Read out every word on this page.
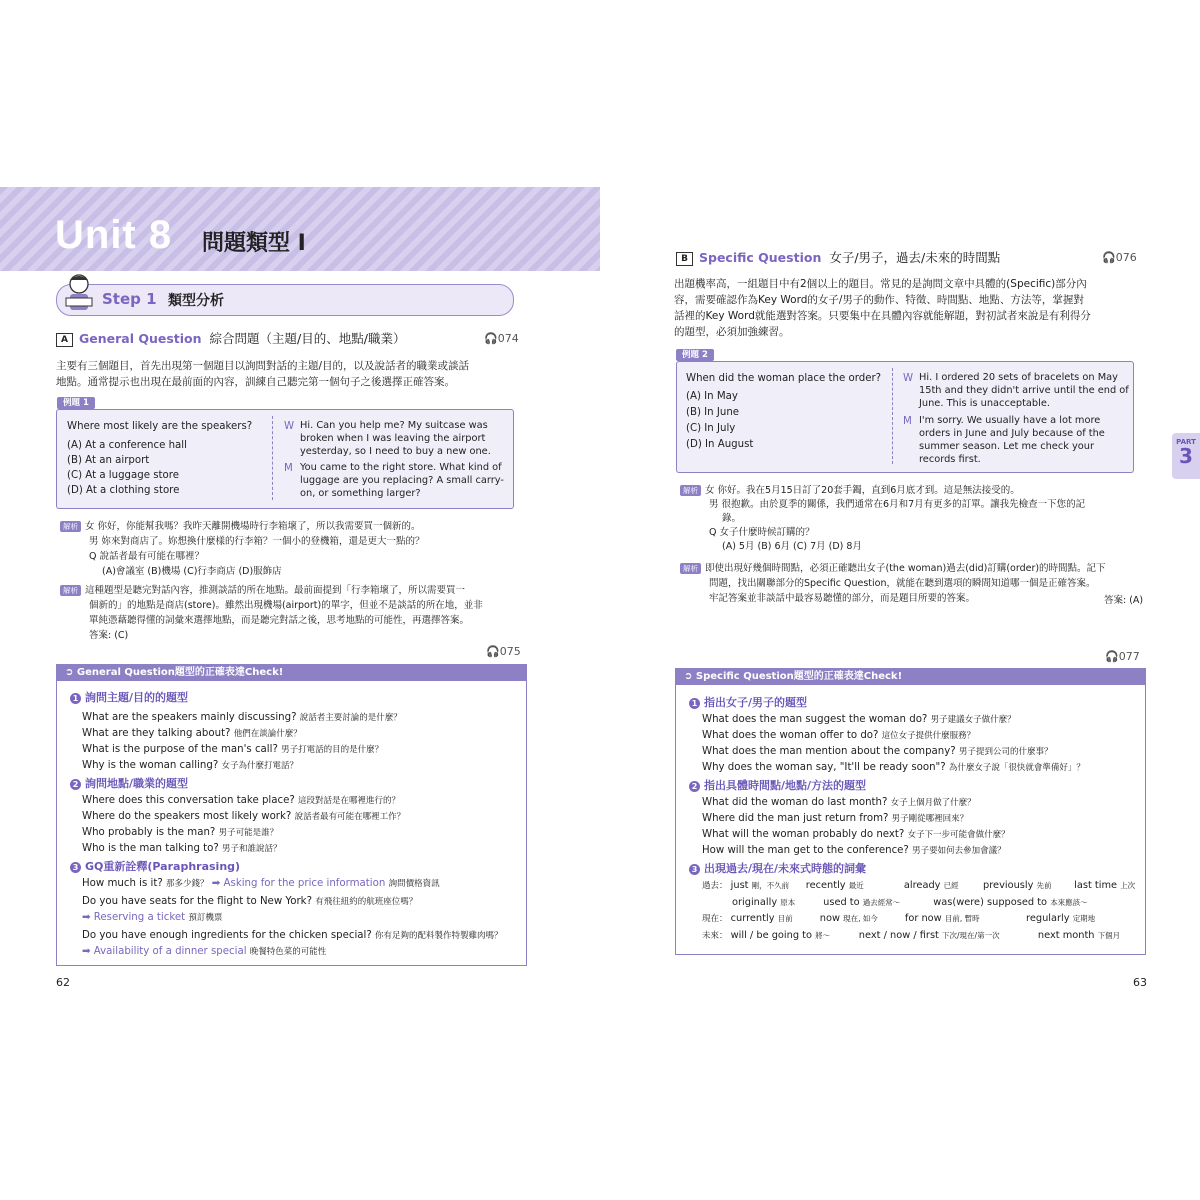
Unit 8 問題類型 I
Step 1 類型分析
A General Question 綜合問題（主題/目的、地點/職業）	🎧074
主要有三個題目，首先出現第一個題目以詢問對話的主題/目的，以及說話者的職業或談話
地點。通常提示也出現在最前面的內容，訓練自己聽完第一個句子之後選擇正確答案。
例題 1
Where most likely are the speakers?
(A) At a conference hall
(B) At an airport
(C) At a luggage store
(D) At a clothing store
W Hi. Can you help me? My suitcase was
broken when I was leaving the airport
yesterday, so I need to buy a new one.
M You came to the right store. What kind of
luggage are you replacing? A small carry-
on, or something larger?
解析 女 你好，你能幫我嗎？我昨天離開機場時行李箱壞了，所以我需要買一個新的。
男 妳來對商店了。妳想換什麼樣的行李箱？一個小的登機箱，還是更大一點的？
Q 說話者最有可能在哪裡？
(A)會議室 (B)機場 (C)行李商店 (D)服飾店
解析 這種題型是聽完對話內容，推測談話的所在地點。最前面提到「行李箱壞了，所以需要買一
個新的」的地點是商店(store)。雖然出現機場(airport)的單字，但並不是談話的所在地，並非
單純憑藉聽得懂的詞彙來選擇地點，而是聽完對話之後，思考地點的可能性，再選擇答案。
答案: (C)
🎧075
➲ General Question題型的正確表達Check!
1 詢問主題/目的的題型
What are the speakers mainly discussing? 說話者主要討論的是什麼？
What are they talking about? 他們在談論什麼？
What is the purpose of the man's call? 男子打電話的目的是什麼？
Why is the woman calling? 女子為什麼打電話？
2 詢問地點/職業的題型
Where does this conversation take place? 這段對話是在哪裡進行的？
Where do the speakers most likely work? 說話者最有可能在哪裡工作？
Who probably is the man? 男子可能是誰？
Who is the man talking to? 男子和誰說話？
3 GQ重新詮釋(Paraphrasing)
How much is it? 那多少錢？ ➡ Asking for the price information 詢問價格資訊
Do you have seats for the flight to New York? 有飛往紐約的航班座位嗎？
➡ Reserving a ticket 預訂機票
Do you have enough ingredients for the chicken special? 你有足夠的配料製作特製雞肉嗎？
➡ Availability of a dinner special 晚餐特色菜的可能性
62
B Specific Question 女子/男子，過去/未來的時間點	🎧076
出題機率高，一組題目中有2個以上的題目。常見的是詢問文章中具體的(Specific)部分內
容，需要確認作為Key Word的女子/男子的動作、特徵、時間點、地點、方法等，掌握對
話裡的Key Word就能選對答案。只要集中在具體內容就能解題，對初試者來說是有利得分
的題型，必須加強練習。
例題 2
When did the woman place the order?
(A) In May
(B) In June
(C) In July
(D) In August
W Hi. I ordered 20 sets of bracelets on May
15th and they didn't arrive until the end of
June. This is unacceptable.
M I'm sorry. We usually have a lot more
orders in June and July because of the
summer season. Let me check your
records first.
解析 女 你好。我在5月15日訂了20套手鐲，直到6月底才到。這是無法接受的。
男 很抱歉。由於夏季的關係，我們通常在6月和7月有更多的訂單。讓我先檢查一下您的記
錄。
Q 女子什麼時候訂購的？
(A) 5月 (B) 6月 (C) 7月 (D) 8月
解析 即使出現好幾個時間點，必須正確聽出女子(the woman)過去(did)訂購(order)的時間點。記下
問題，找出關聯部分的Specific Question，就能在聽到選項的瞬間知道哪一個是正確答案。
牢記答案並非談話中最容易聽懂的部分，而是題目所要的答案。	答案: (A)
🎧077
➲ Specific Question題型的正確表達Check!
1 指出女子/男子的題型
What does the man suggest the woman do? 男子建議女子做什麼？
What does the woman offer to do? 這位女子提供什麼服務？
What does the man mention about the company? 男子提到公司的什麼事？
Why does the woman say, "It'll be ready soon"? 為什麼女子說「很快就會準備好」？
2 指出具體時間點/地點/方法的題型
What did the woman do last month? 女子上個月做了什麼？
Where did the man just return from? 男子剛從哪裡回來？
What will the woman probably do next? 女子下一步可能會做什麼？
How will the man get to the conference? 男子要如何去參加會議？
3 出現過去/現在/未來式時態的詞彙
過去： just 剛，不久前 recently 最近	already 已經 previously 先前 last time 上次
originally 原本	used to 過去經常～	was(were) supposed to 本來應該～
現在： currently 目前	now 現在, 如今	for now 目前, 暫時	regularly 定期地
未來： will / be going to 將～	next / now / first 下次/現在/第一次	next month 下個月
PART
3
63
